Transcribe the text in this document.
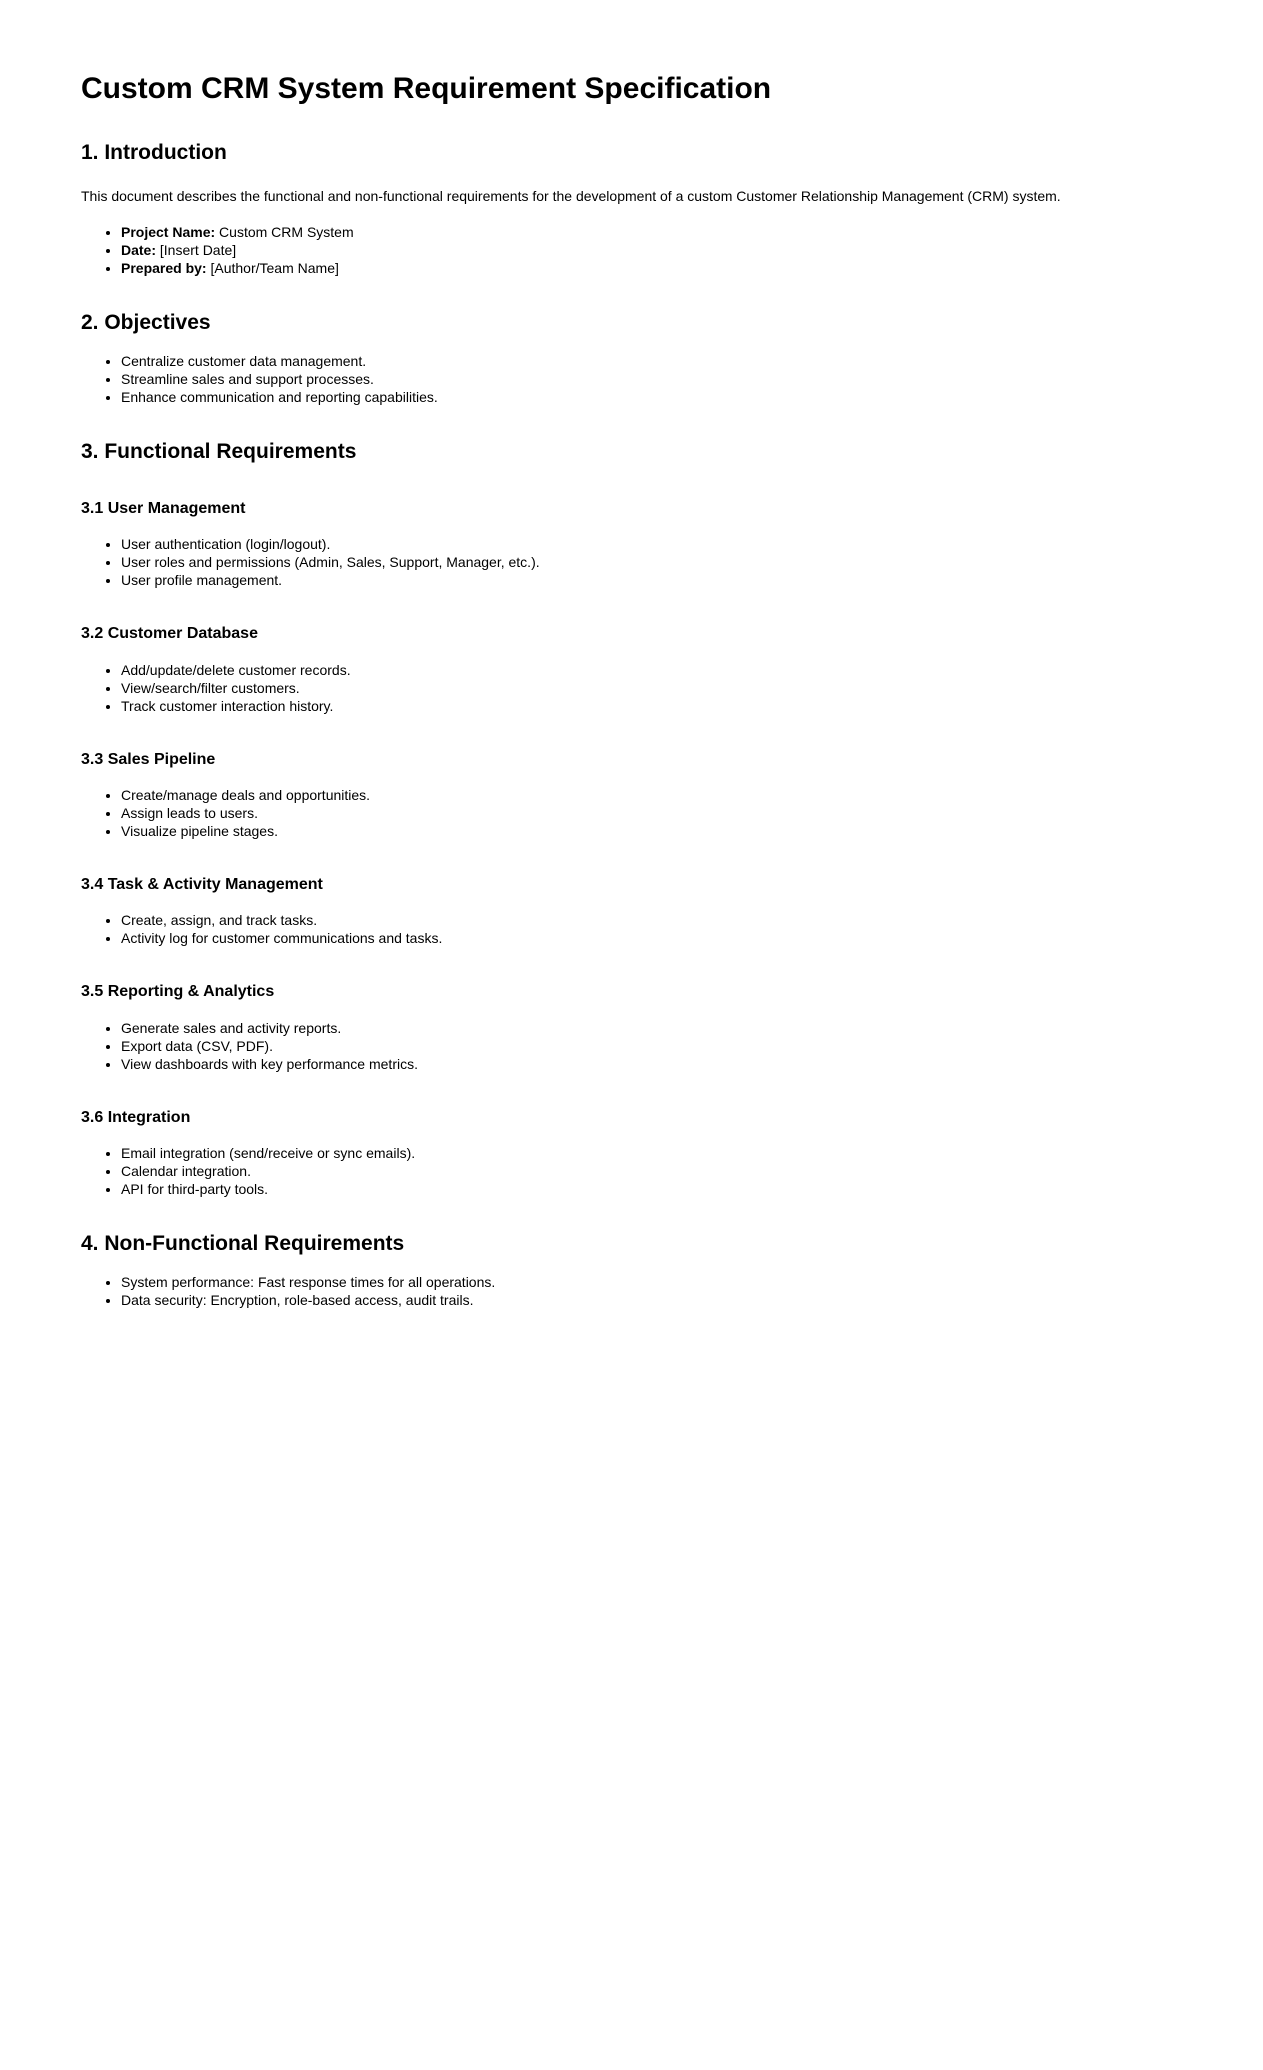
Custom CRM System Requirement Specification
1. Introduction

This document describes the functional and non-functional requirements for the development of a custom Customer Relationship Management (CRM) system.

• Project Name: Custom CRM System
• Date: [Insert Date]
• Prepared by: [Author/Team Name]
2. Objectives
• Centralize customer data management.
• Streamline sales and support processes.
• Enhance communication and reporting capabilities.
3. Functional Requirements
3.1 User Management
• User authentication (login/logout).
• User roles and permissions (Admin, Sales, Support, Manager, etc.).
• User profile management.
3.2 Customer Database
• Add/update/delete customer records.
• View/search/filter customers.
• Track customer interaction history.
3.3 Sales Pipeline
• Create/manage deals and opportunities.
• Assign leads to users.
• Visualize pipeline stages.
3.4 Task & Activity Management
• Create, assign, and track tasks.
• Activity log for customer communications and tasks.
3.5 Reporting & Analytics
• Generate sales and activity reports.
• Export data (CSV, PDF).
• View dashboards with key performance metrics.
3.6 Integration
• Email integration (send/receive or sync emails).
• Calendar integration.
• API for third-party tools.
4. Non-Functional Requirements
• System performance: Fast response times for all operations.
• Data security: Encryption, role-based access, audit trails.
